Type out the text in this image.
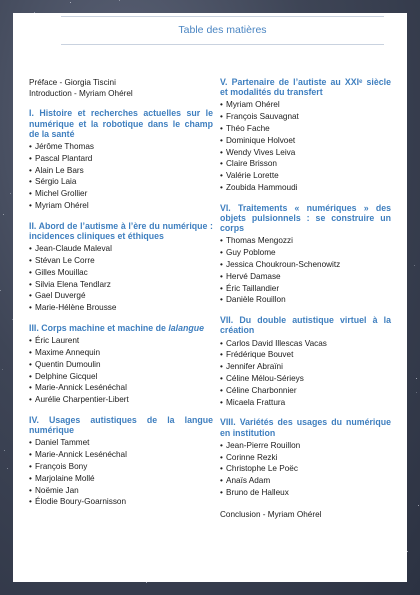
Table des matières
Préface - Giorgia Tiscini
Introduction - Myriam Ohérel
I. Histoire et recherches actuelles sur le numérique et la robotique dans le champ de la santé
• Jérôme Thomas
• Pascal Plantard
• Alain Le Bars
• Sérgio Laia
• Michel Grollier
• Myriam Ohérel
II. Abord de l’autisme à l’ère du numérique : incidences cliniques et éthiques
• Jean-Claude Maleval
• Stévan Le Corre
• Gilles Mouillac
• Silvia Elena Tendlarz
• Gael Duvergé
• Marie-Hélène Brousse
III. Corps machine et machine de lalangue
• Éric Laurent
• Maxime Annequin
• Quentin Dumoulin
• Delphine Gicquel
• Marie-Annick Lesénéchal
• Aurélie Charpentier-Libert
IV. Usages autistiques de la langue numérique
• Daniel Tammet
• Marie-Annick Lesénéchal
• François Bony
• Marjolaine Mollé
• Noëmie Jan
• Élodie Boury-Goarnisson
V. Partenaire de l’autiste au XXIᵉ siècle et modalités du transfert
• Myriam Ohérel
• François Sauvagnat
• Théo Fache
• Dominique Holvoet
• Wendy Vives Leiva
• Claire Brisson
• Valérie Lorette
• Zoubida Hammoudi
VI. Traitements « numériques » des objets pulsionnels : se construire un corps
• Thomas Mengozzi
• Guy Poblome
• Jessica Choukroun-Schenowitz
• Hervé Damase
• Éric Taillandier
• Danièle Rouillon
VII. Du double autistique virtuel à la création
• Carlos David Illescas Vacas
• Frédérique Bouvet
• Jennifer Abraïni
• Céline Mélou-Sérieys
• Céline Charbonnier
• Micaela Frattura
VIII. Variétés des usages du numérique en institution
• Jean-Pierre Rouillon
• Corinne Rezki
• Christophe Le Poëc
• Anaïs Adam
• Bruno de Halleux
Conclusion - Myriam Ohérel
